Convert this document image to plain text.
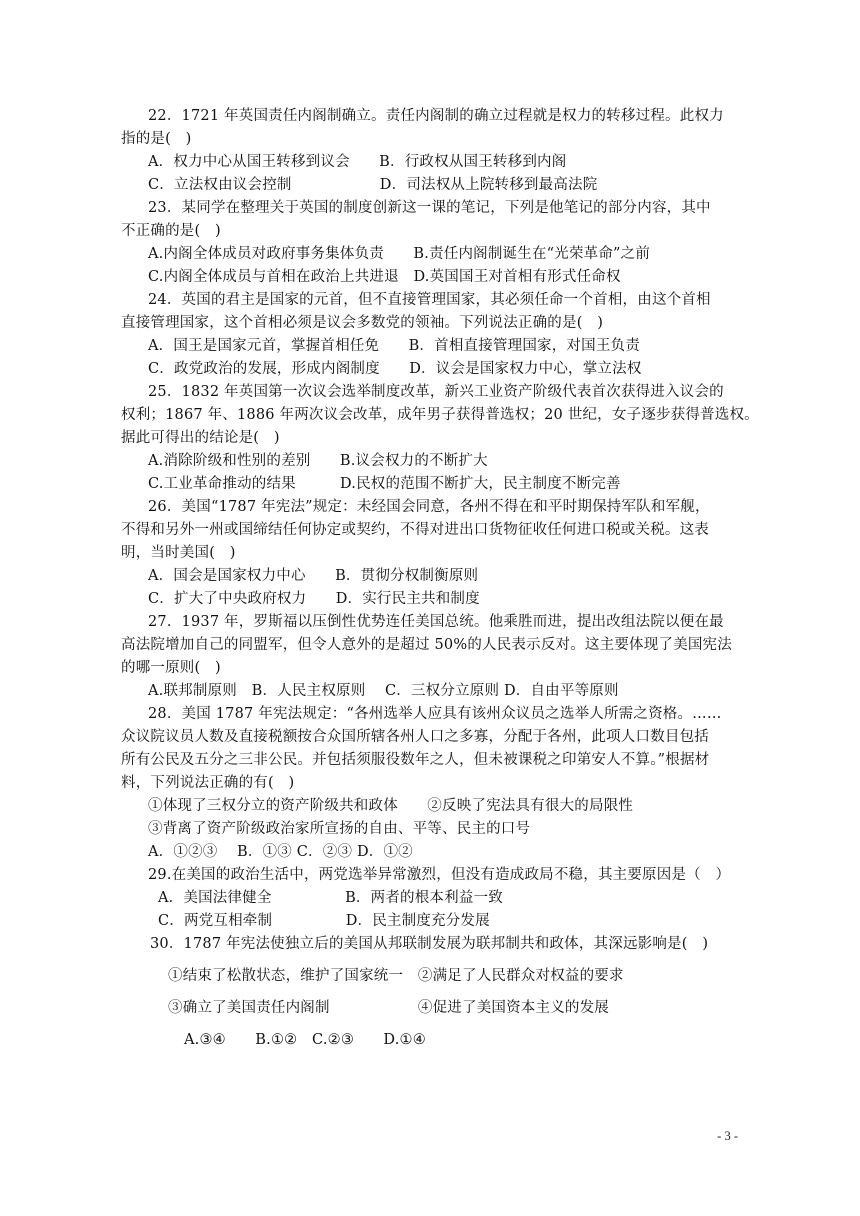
22．1721 年英国责任内阁制确立。责任内阁制的确立过程就是权力的转移过程。此权力
指的是(　)
A．权力中心从国王转移到议会　　B．行政权从国王转移到内阁
C．立法权由议会控制　　　　　　D．司法权从上院转移到最高法院
23．某同学在整理关于英国的制度创新这一课的笔记，下列是他笔记的部分内容，其中
不正确的是(　)
A.内阁全体成员对政府事务集体负责　　B.责任内阁制诞生在“光荣革命”之前
C.内阁全体成员与首相在政治上共进退　D.英国国王对首相有形式任命权
24．英国的君主是国家的元首，但不直接管理国家，其必须任命一个首相，由这个首相
直接管理国家，这个首相必须是议会多数党的领袖。下列说法正确的是(　)
A．国王是国家元首，掌握首相任免　　B．首相直接管理国家，对国王负责
C．政党政治的发展，形成内阁制度　　D．议会是国家权力中心，掌立法权
25．1832 年英国第一次议会选举制度改革，新兴工业资产阶级代表首次获得进入议会的
权利；1867 年、1886 年两次议会改革，成年男子获得普选权；20 世纪，女子逐步获得普选权。
据此可得出的结论是(　)
A.消除阶级和性别的差别　　B.议会权力的不断扩大
C.工业革命推动的结果　　　D.民权的范围不断扩大，民主制度不断完善
26．美国“1787 年宪法”规定：未经国会同意，各州不得在和平时期保持军队和军舰，
不得和另外一州或国缔结任何协定或契约，不得对进出口货物征收任何进口税或关税。这表
明，当时美国(　)
A．国会是国家权力中心　　B．贯彻分权制衡原则
C．扩大了中央政府权力　　D．实行民主共和制度
27．1937 年，罗斯福以压倒性优势连任美国总统。他乘胜而进，提出改组法院以便在最
高法院增加自己的同盟军，但令人意外的是超过 50%的人民表示反对。这主要体现了美国宪法
的哪一原则(　)
A.联邦制原则　B．人民主权原则　 C．三权分立原则 D．自由平等原则
28．美国 1787 年宪法规定：“各州选举人应具有该州众议员之选举人所需之资格。……
众议院议员人数及直接税额按合众国所辖各州人口之多寡，分配于各州，此项人口数目包括
所有公民及五分之三非公民。并包括须服役数年之人，但未被课税之印第安人不算。”根据材
料，下列说法正确的有(　)
①体现了三权分立的资产阶级共和政体　　②反映了宪法具有很大的局限性
③背离了资产阶级政治家所宣扬的自由、平等、民主的口号
A．①②③　 B．①③ C．②③ D．①②
29.在美国的政治生活中，两党选举异常激烈，但没有造成政局不稳，其主要原因是（　）
A．美国法律健全　　　　　B．两者的根本利益一致
C．两党互相牵制　　　　　D．民主制度充分发展
30．1787 年宪法使独立后的美国从邦联制发展为联邦制共和政体，其深远影响是(　)
①结束了松散状态，维护了国家统一　②满足了人民群众对权益的要求
③确立了美国责任内阁制　　　　　　④促进了美国资本主义的发展
A.③④　　B.①②　C.②③　　D.①④
- 3 -
